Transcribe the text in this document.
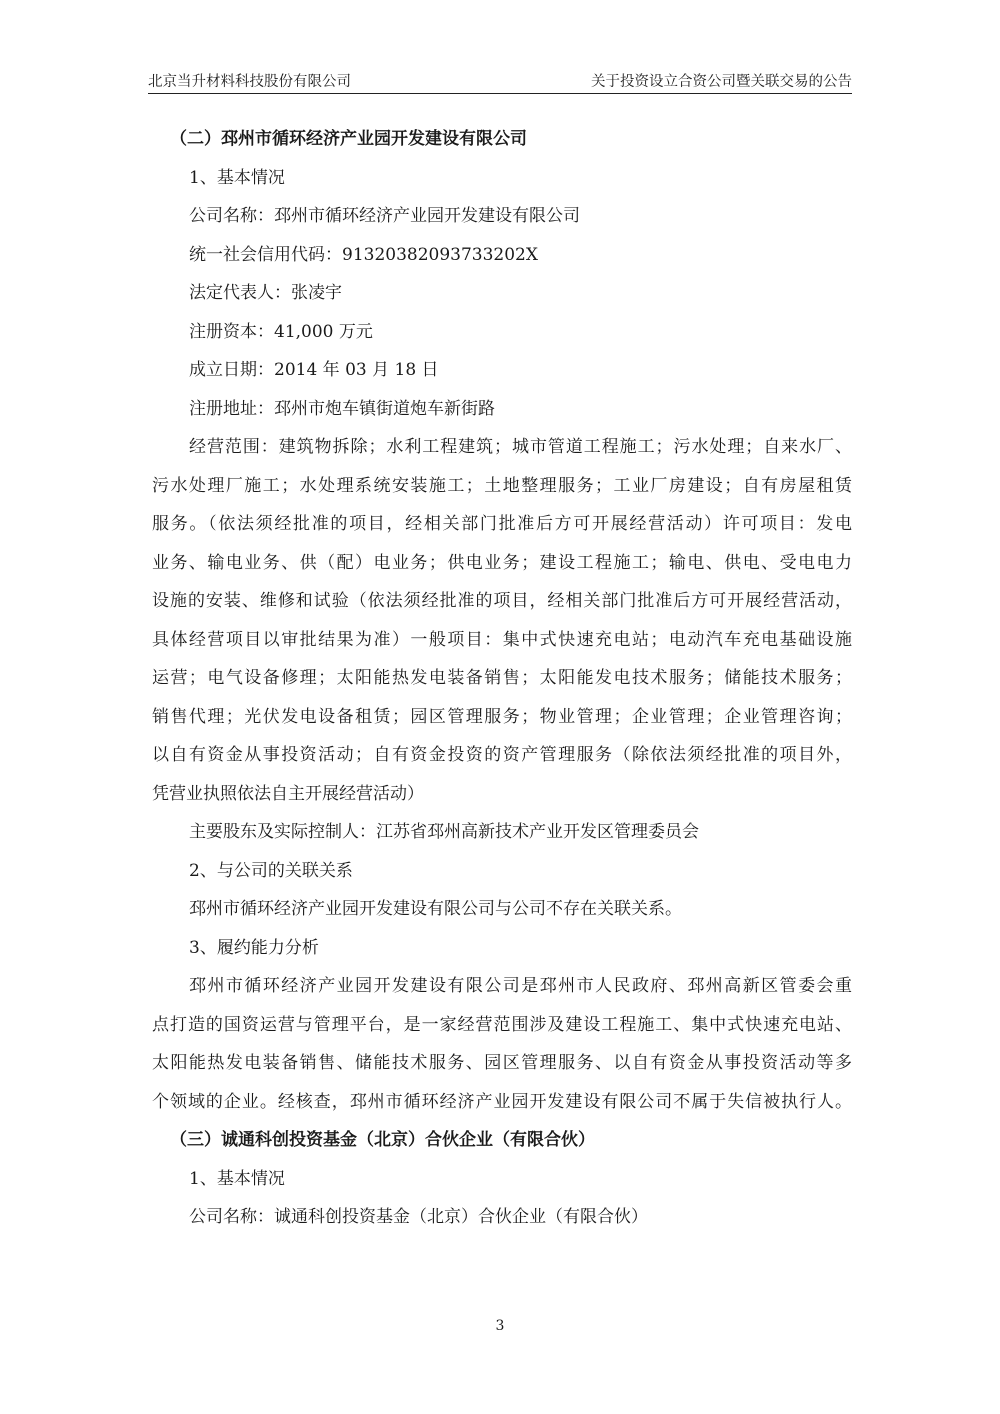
北京当升材料科技股份有限公司	关于投资设立合资公司暨关联交易的公告
（二）邳州市循环经济产业园开发建设有限公司
1、基本情况
公司名称：邳州市循环经济产业园开发建设有限公司
统一社会信用代码：9132038209373320​2X
法定代表人：张凌宇
注册资本：41,000 万元
成立日期：2014 年 03 月 18 日
注册地址：邳州市炮车镇街道炮车新街路
经营范围：建筑物拆除；水利工程建筑；城市管道工程施工；污水处理；自来水厂、
污水处理厂施工；水处理系统安装施工；土地整理服务；工业厂房建设；自有房屋租赁
服务。（依法须经批准的项目，经相关部门批准后方可开展经营活动）许可项目：发电
业务、输电业务、供（配）电业务；供电业务；建设工程施工；输电、供电、受电电力
设施的安装、维修和试验（依法须经批准的项目，经相关部门批准后方可开展经营活动，
具体经营项目以审批结果为准）一般项目：集中式快速充电站；电动汽车充电基础设施
运营；电气设备修理；太阳能热发电装备销售；太阳能发电技术服务；储能技术服务；
销售代理；光伏发电设备租赁；园区管理服务；物业管理；企业管理；企业管理咨询；
以自有资金从事投资活动；自有资金投资的资产管理服务（除依法须经批准的项目外，
凭营业执照依法自主开展经营活动）
主要股东及实际控制人：江苏省邳州高新技术产业开发区管理委员会
2、与公司的关联关系
邳州市循环经济产业园开发建设有限公司与公司不存在关联关系。
3、履约能力分析
邳州市循环经济产业园开发建设有限公司是邳州市人民政府、邳州高新区管委会重
点打造的国资运营与管理平台，是一家经营范围涉及建设工程施工、集中式快速充电站、
太阳能热发电装备销售、储能技术服务、园区管理服务、以自有资金从事投资活动等多
个领域的企业。经核查，邳州市循环经济产业园开发建设有限公司不属于失信被执行人。
（三）诚通科创投资基金（北京）合伙企业（有限合伙）
1、基本情况
公司名称：诚通科创投资基金（北京）合伙企业（有限合伙）
3
